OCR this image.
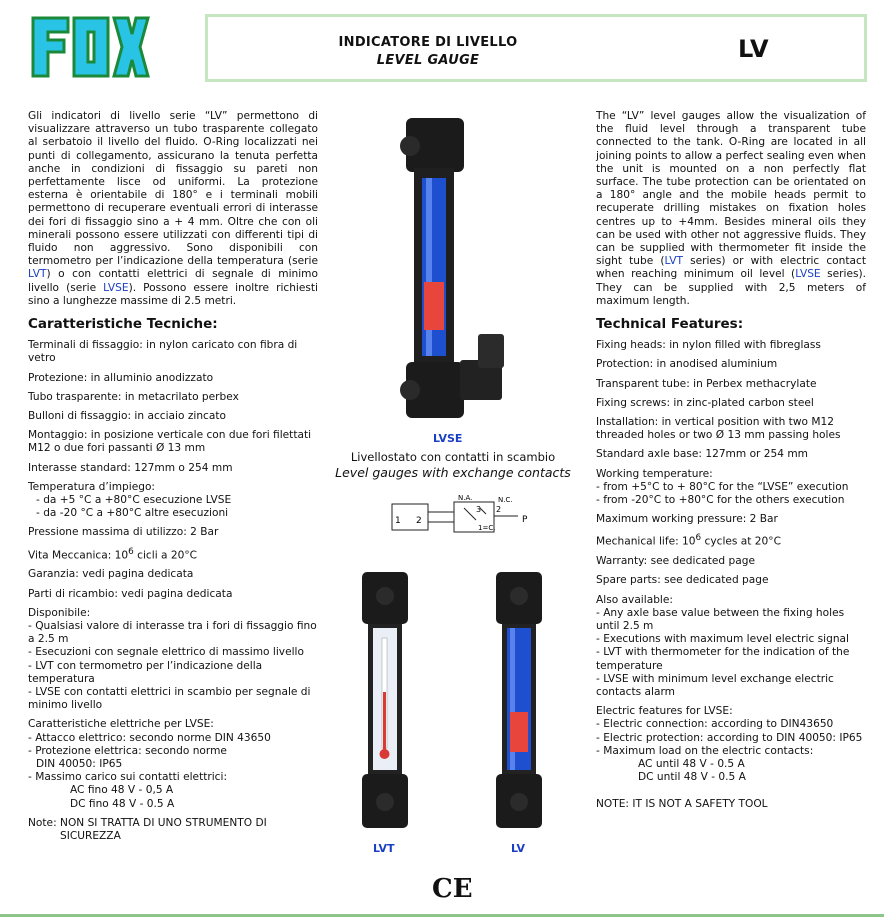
INDICATORE DI LIVELLO
LEVEL GAUGE	LV

Gli indicatori di livello serie “LV” permettono di visualizzare attraverso un tubo trasparente collegato al serbatoio il livello del fluido. O-Ring localizzati nei punti di collegamento, assicurano la tenuta perfetta anche in condizioni di fissaggio su pareti non perfettamente lisce od uniformi. La protezione esterna è orientabile di 180° e i terminali mobili permettono di recuperare eventuali errori di interasse dei fori di fissaggio sino a + 4 mm. Oltre che con oli minerali possono essere utilizzati con differenti tipi di fluido non aggressivo. Sono disponibili con termometro per l’indicazione della temperatura (serie LVT) o con contatti elettrici di segnale di minimo livello (serie LVSE). Possono essere inoltre richiesti sino a lunghezze massime di 2.5 metri.

Caratteristiche Tecniche:

Terminali di fissaggio: in nylon caricato con fibra di vetro

Protezione: in alluminio anodizzato

Tubo trasparente: in metacrilato perbex

Bulloni di fissaggio: in acciaio zincato

Montaggio: in posizione verticale con due fori filettati M12 o due fori passanti Ø 13 mm

Interasse standard: 127mm o 254 mm

Temperatura d’impiego:

- da +5 °C a +80°C esecuzione LVSE

- da -20 °C a +80°C altre esecuzioni

Pressione massima di utilizzo: 2 Bar

Vita Meccanica: $10^6$ cicli a 20°C

Garanzia: vedi pagina dedicata

Parti di ricambio: vedi pagina dedicata

Disponibile:

- Qualsiasi valore di interasse tra i fori di fissaggio fino a 2.5 m

- Esecuzioni con segnale elettrico di massimo livello

- LVT con termometro per l’indicazione della temperatura

- LVSE con contatti elettrici in scambio per segnale di minimo livello

Caratteristiche elettriche per LVSE:

- Attacco elettrico: secondo norme DIN 43650

- Protezione elettrica: secondo norme

DIN 40050: IP65

- Massimo carico sui contatti elettrici:

AC fino 48 V - 0,5 A

DC fino 48 V - 0.5 A

Note: NON SI TRATTA DI UNO STRUMENTO DI

SICUREZZA

The “LV” level gauges allow the visualization of the fluid level through a transparent tube connected to the tank. O-Ring are located in all joining points to allow a perfect sealing even when the unit is mounted on a non perfectly flat surface. The tube protection can be orientated on a 180° angle and the mobile heads permit to recuperate drilling mistakes on fixation holes centres up to +4mm. Besides mineral oils they can be used with other not aggressive fluids. They can be supplied with thermometer fit inside the sight tube (LVT series) or with electric contact when reaching minimum oil level (LVSE series). They can be supplied with 2,5 meters of maximum length.

Technical Features:

Fixing heads: in nylon filled with fibreglass

Protection: in anodised aluminium

Transparent tube: in Perbex methacrylate

Fixing screws: in zinc-plated carbon steel

Installation: in vertical position with two M12 threaded holes or two Ø 13 mm passing holes

Standard axle base: 127mm or 254 mm

Working temperature:

- from +5°C to + 80°C for the “LVSE” execution

- from -20°C to +80°C for the others execution

Maximum working pressure: 2 Bar

Mechanical life: $10^6$ cycles at 20°C

Warranty: see dedicated page

Spare parts: see dedicated page

Also available:

- Any axle base value between the fixing holes until 2.5 m

- Executions with maximum level electric signal

- LVT with thermometer for the indication of the temperature

- LVSE with minimum level exchange electric contacts alarm

Electric features for LVSE:

- Electric connection: according to DIN43650

- Electric protection: according to DIN 40050: IP65

- Maximum load on the electric contacts:

AC until 48 V - 0.5 A

DC until 48 V - 0.5 A

NOTE: IT IS NOT A SAFETY TOOL

LVSE
Livellostato con contatti in scambio
Level gauges with exchange contacts
1 2
N.A.	N.C.
P
3 2
1=C.
LVT	LV
CE
